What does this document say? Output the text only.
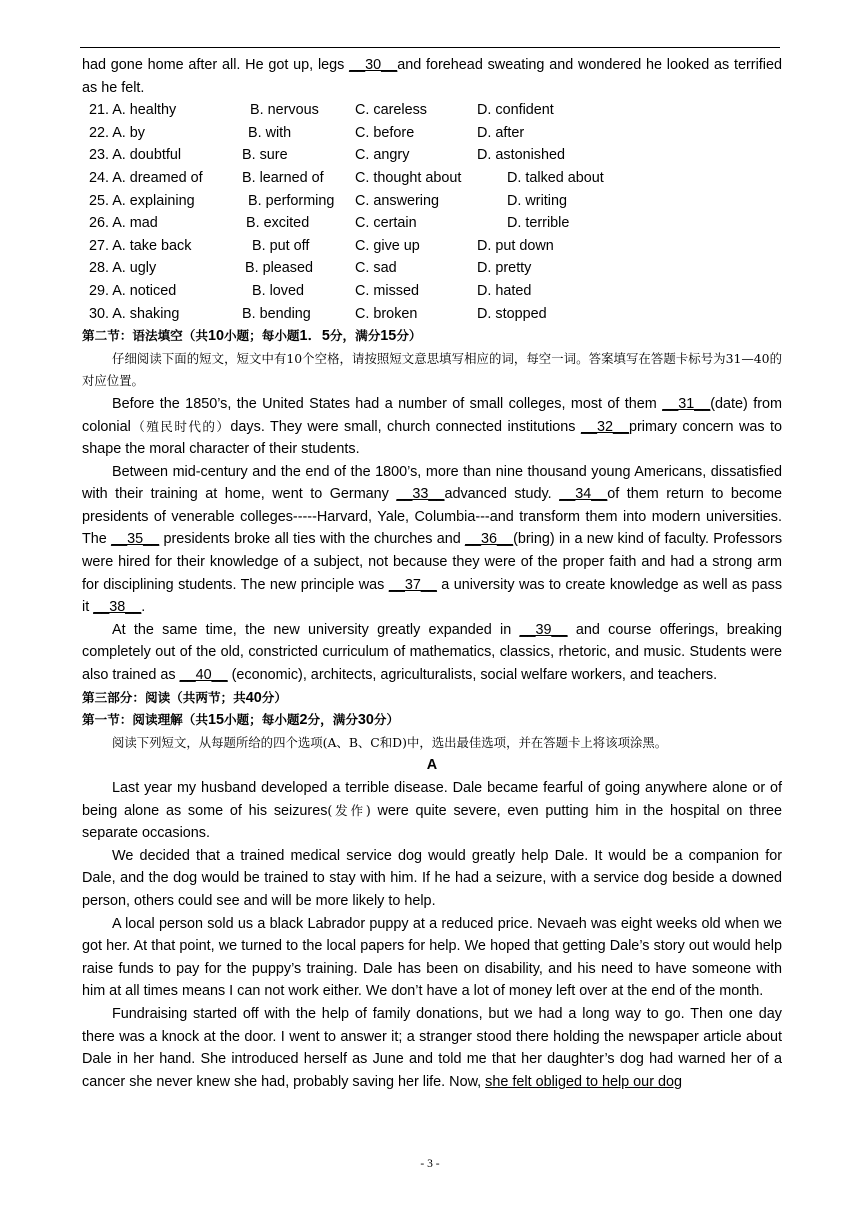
had gone home after all. He got up, legs __30__and forehead sweating and wondered he looked as terrified as he felt.

21. A. healthy	B. nervous	C. careless	D. confident
22. A. by	B. with	C. before	D. after
23. A. doubtful	B. sure	C. angry	D. astonished
24. A. dreamed of	B. learned of C. thought about	D. talked about
25. A. explaining	B. performing C. answering	D. writing
26. A. mad	B. excited	C. certain	D. terrible
27. A. take back	B. put off	C. give up	D. put down
28. A. ugly	B. pleased	C. sad	D. pretty
29. A. noticed	B. loved	C. missed	D. hated
30. A. shaking	B. bending	C. broken	D. stopped

第二节：语法填空（共10小题；每小题1．5分，满分15分）

仔细阅读下面的短文，短文中有10个空格，请按照短文意思填写相应的词，每空一词。答案填写在答题卡标号为31—40的对应位置。

Before the 1850’s, the United States had a number of small colleges, most of them __31__(date) from colonial（殖民时代的）days. They were small, church connected institutions __32__primary concern was to shape the moral character of their students.

Between mid-century and the end of the 1800’s, more than nine thousand young Americans, dissatisfied with their training at home, went to Germany __33__advanced study. __34__of them return to become presidents of venerable colleges-----Harvard, Yale, Columbia---and transform them into modern universities. The __35__ presidents broke all ties with the churches and __36__(bring) in a new kind of faculty. Professors were hired for their knowledge of a subject, not because they were of the proper faith and had a strong arm for disciplining students. The new principle was __37__ a university was to create knowledge as well as pass it __38__.

At the same time, the new university greatly expanded in __39__ and course offerings, breaking completely out of the old, constricted curriculum of mathematics, classics, rhetoric, and music. Students were also trained as __40__ (economic), architects, agriculturalists, social welfare workers, and teachers.

第三部分：阅读（共两节；共40分）

第一节：阅读理解（共15小题；每小题2分，满分30分）

阅读下列短文，从每题所给的四个选项(A、B、C和D)中，选出最佳选项，并在答题卡上将该项涂黑。

A

Last year my husband developed a terrible disease. Dale became fearful of going anywhere alone or of being alone as some of his seizures(发作) were quite severe, even putting him in the hospital on three separate occasions.

We decided that a trained medical service dog would greatly help Dale. It would be a companion for Dale, and the dog would be trained to stay with him. If he had a seizure, with a service dog beside a downed person, others could see and will be more likely to help.

A local person sold us a black Labrador puppy at a reduced price. Nevaeh was eight weeks old when we got her. At that point, we turned to the local papers for help. We hoped that getting Dale’s story out would help raise funds to pay for the puppy’s training. Dale has been on disability, and his need to have someone with him at all times means I can not work either. We don’t have a lot of money left over at the end of the month.

Fundraising started off with the help of family donations, but we had a long way to go. Then one day there was a knock at the door. I went to answer it; a stranger stood there holding the newspaper article about Dale in her hand. She introduced herself as June and told me that her daughter’s dog had warned her of a cancer she never knew she had, probably saving her life. Now, she felt obliged to help our dog

- 3 -
